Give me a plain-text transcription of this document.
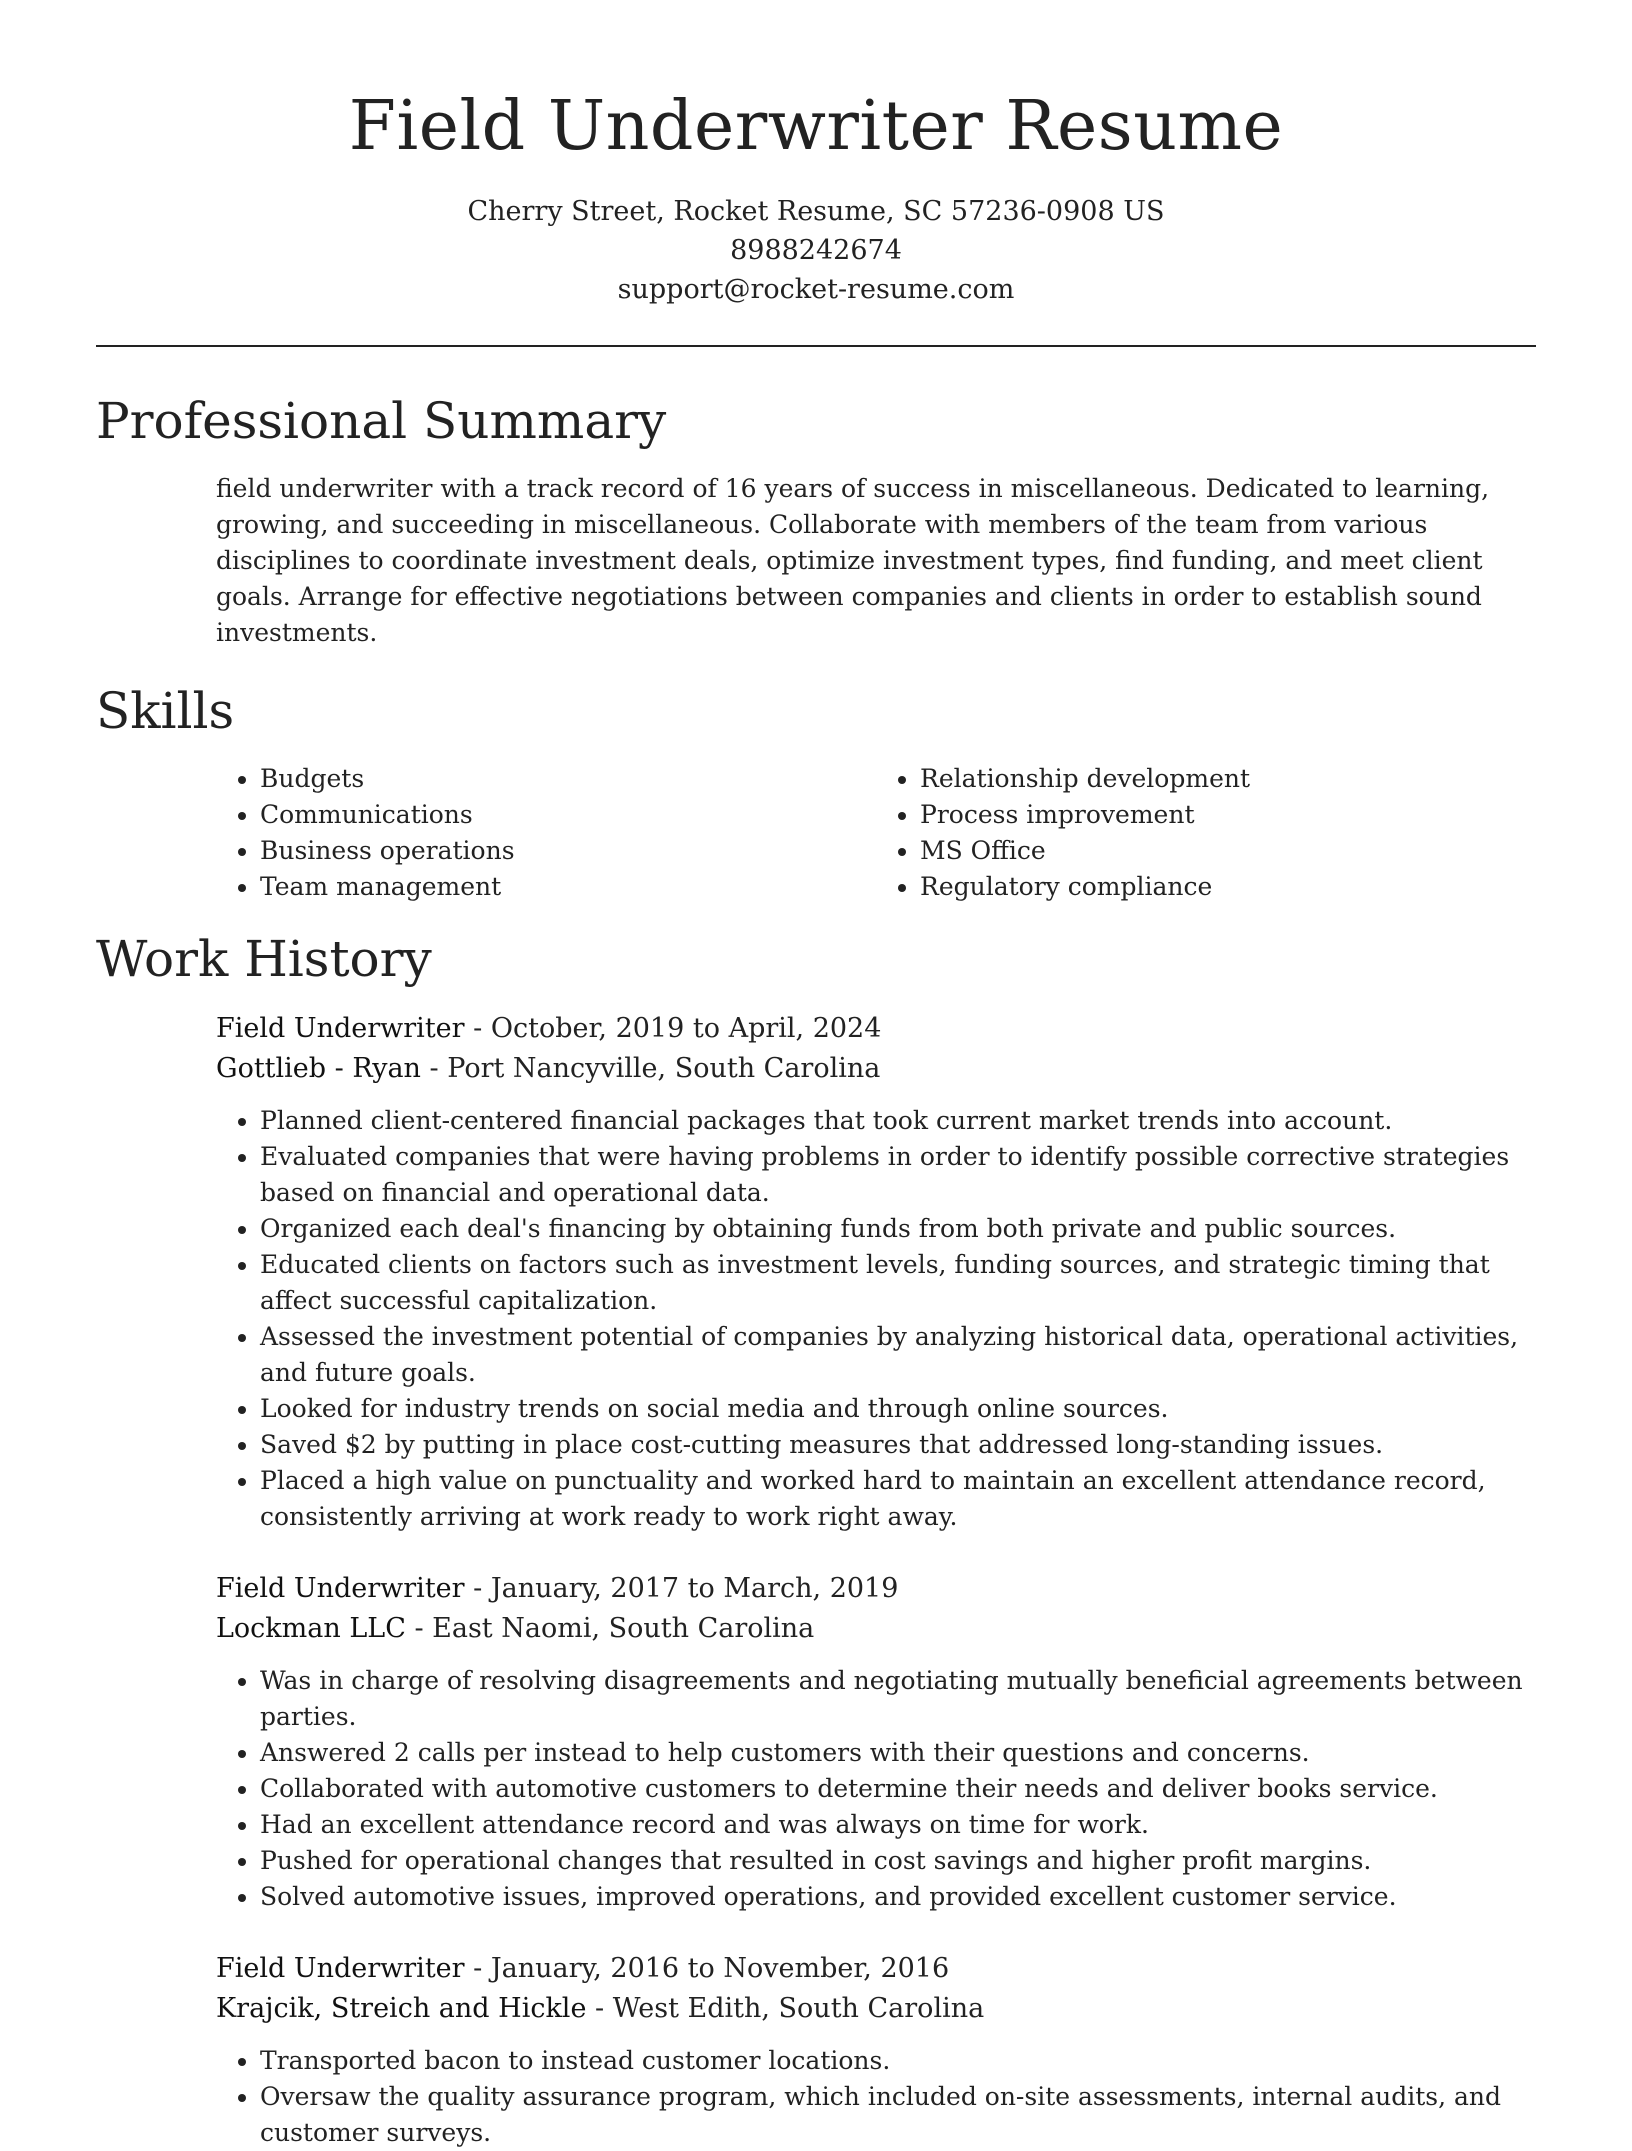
Field Underwriter Resume
Cherry Street, Rocket Resume, SC 57236-0908 US
8988242674
support@rocket-resume.com
Professional Summary
field underwriter with a track record of 16 years of success in miscellaneous. Dedicated to learning, growing, and succeeding in miscellaneous. Collaborate with members of the team from various disciplines to coordinate investment deals, optimize investment types, find funding, and meet client goals. Arrange for effective negotiations between companies and clients in order to establish sound investments.
Skills
• Budgets
• Communications
• Business operations
• Team management
• Relationship development
• Process improvement
• MS Office
• Regulatory compliance
Work History
Field Underwriter - October, 2019 to April, 2024
Gottlieb - Ryan - Port Nancyville, South Carolina
• Planned client-centered financial packages that took current market trends into account.
• Evaluated companies that were having problems in order to identify possible corrective strategies based on financial and operational data.
• Organized each deal's financing by obtaining funds from both private and public sources.
• Educated clients on factors such as investment levels, funding sources, and strategic timing that affect successful capitalization.
• Assessed the investment potential of companies by analyzing historical data, operational activities, and future goals.
• Looked for industry trends on social media and through online sources.
• Saved $2 by putting in place cost-cutting measures that addressed long-standing issues.
• Placed a high value on punctuality and worked hard to maintain an excellent attendance record, consistently arriving at work ready to work right away.
Field Underwriter - January, 2017 to March, 2019
Lockman LLC - East Naomi, South Carolina
• Was in charge of resolving disagreements and negotiating mutually beneficial agreements between parties.
• Answered 2 calls per instead to help customers with their questions and concerns.
• Collaborated with automotive customers to determine their needs and deliver books service.
• Had an excellent attendance record and was always on time for work.
• Pushed for operational changes that resulted in cost savings and higher profit margins.
• Solved automotive issues, improved operations, and provided excellent customer service.
Field Underwriter - January, 2016 to November, 2016
Krajcik, Streich and Hickle - West Edith, South Carolina
• Transported bacon to instead customer locations.
• Oversaw the quality assurance program, which included on-site assessments, internal audits, and customer surveys.
